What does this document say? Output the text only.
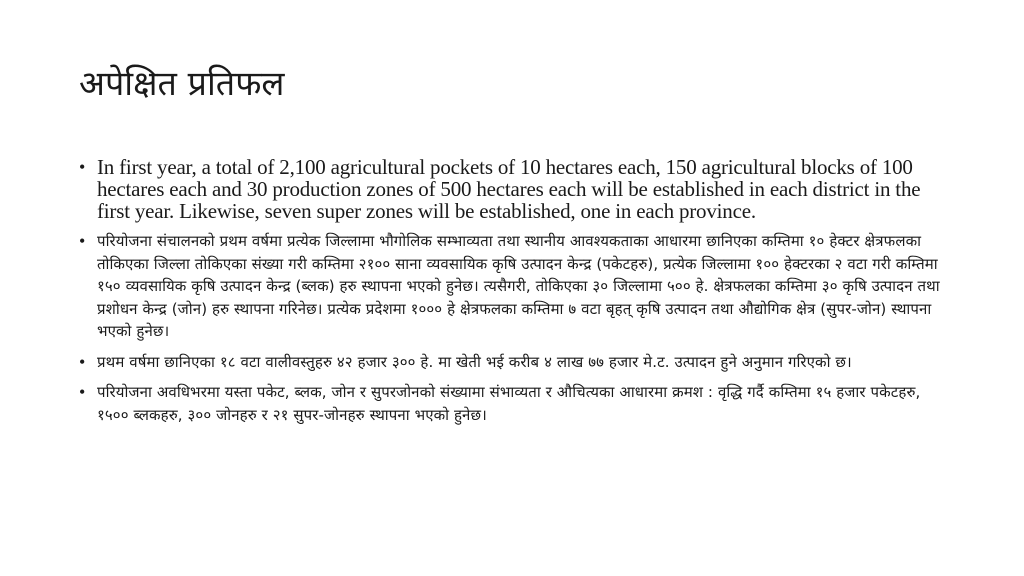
अपेक्षित प्रतिफल
• In first year, a total of 2,100 agricultural pockets of 10 hectares each, 150 agricultural blocks of 100 hectares each and 30 production zones of 500 hectares each will be established in each district in the first year. Likewise, seven super zones will be established, one in each province.
• परियोजना संचालनको प्रथम वर्षमा प्रत्येक जिल्लामा भौगोलिक सम्भाव्यता तथा स्थानीय आवश्यकताका आधारमा छानिएका कम्तिमा १० हेक्टर क्षेत्रफलका तोकिएका जिल्ला तोकिएका संख्या गरी कम्तिमा २१०० साना व्यवसायिक कृषि उत्पादन केन्द्र (पकेटहरु), प्रत्येक जिल्लामा १०० हेक्टरका २ वटा गरी कम्तिमा १५० व्यवसायिक कृषि उत्पादन केन्द्र (ब्लक) हरु स्थापना भएको हुनेछ। त्यसैगरी, तोकिएका ३० जिल्लामा ५०० हे. क्षेत्रफलका कम्तिमा ३० कृषि उत्पादन तथा प्रशोधन केन्द्र (जोन) हरु स्थापना गरिनेछ। प्रत्येक प्रदेशमा १००० हे क्षेत्रफलका कम्तिमा ७ वटा बृहत् कृषि उत्पादन तथा औद्योगिक क्षेत्र (सुपर-जोन) स्थापना भएको हुनेछ।
• प्रथम वर्षमा छानिएका १८ वटा वालीवस्तुहरु ४२ हजार ३०० हे. मा खेती भई करीब ४ लाख ७७ हजार मे.ट. उत्पादन हुने अनुमान गरिएको छ।
• परियोजना अवधिभरमा यस्ता पकेट, ब्लक, जोन र सुपरजोनको संख्यामा संभाव्यता र औचित्यका आधारमा क्रमश : वृद्धि गर्दै कम्तिमा १५ हजार पकेटहरु, १५०० ब्लकहरु, ३०० जोनहरु र २१ सुपर-जोनहरु स्थापना भएको हुनेछ।
